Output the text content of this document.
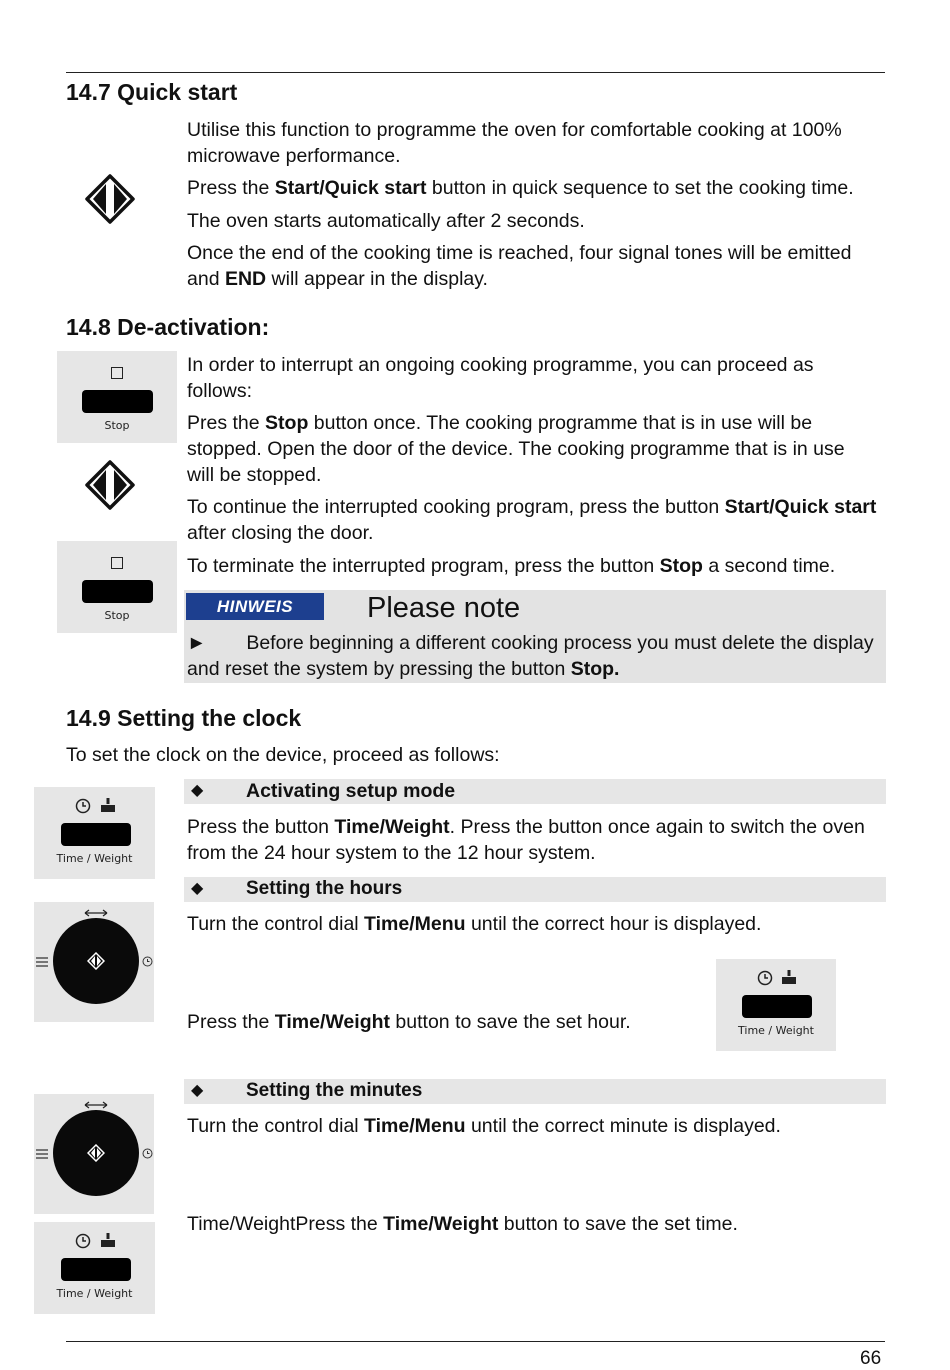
14.7 Quick start

Utilise this function to programme the oven for comfortable cooking at 100% microwave performance.

Press the Start/Quick start button in quick sequence to set the cooking time.

The oven starts automatically after 2 seconds.

Once the end of the cooking time is reached, four signal tones will be emitted and END will appear in the display.

14.8 De-activation:
Stop
Stop

In order to interrupt an ongoing cooking programme, you can proceed as follows:

Pres the Stop button once. The cooking programme that is in use will be stopped. Open the door of the device. The cooking programme that is in use will be stopped.

To continue the interrupted cooking program, press the button Start/Quick start after closing the door.

To terminate the interrupted program, press the button Stop a second time.

HINWEIS	Please note
► Before beginning a different cooking process you must delete the display and reset the system by pressing the button Stop.
14.9 Setting the clock

To set the clock on the device, proceed as follows:

Time / Weight
◆ Activating setup mode

Press the button Time/Weight. Press the button once again to switch the oven from the 24 hour system to the 12 hour system.

◆ Setting the hours

Turn the control dial Time/Menu until the correct hour is displayed.

Press the Time/Weight button to save the set hour.	Time / Weight
◆ Setting the minutes

Turn the control dial Time/Menu until the correct minute is displayed.

Time/WeightPress the Time/Weight button to save the set time.

Time / Weight
66
